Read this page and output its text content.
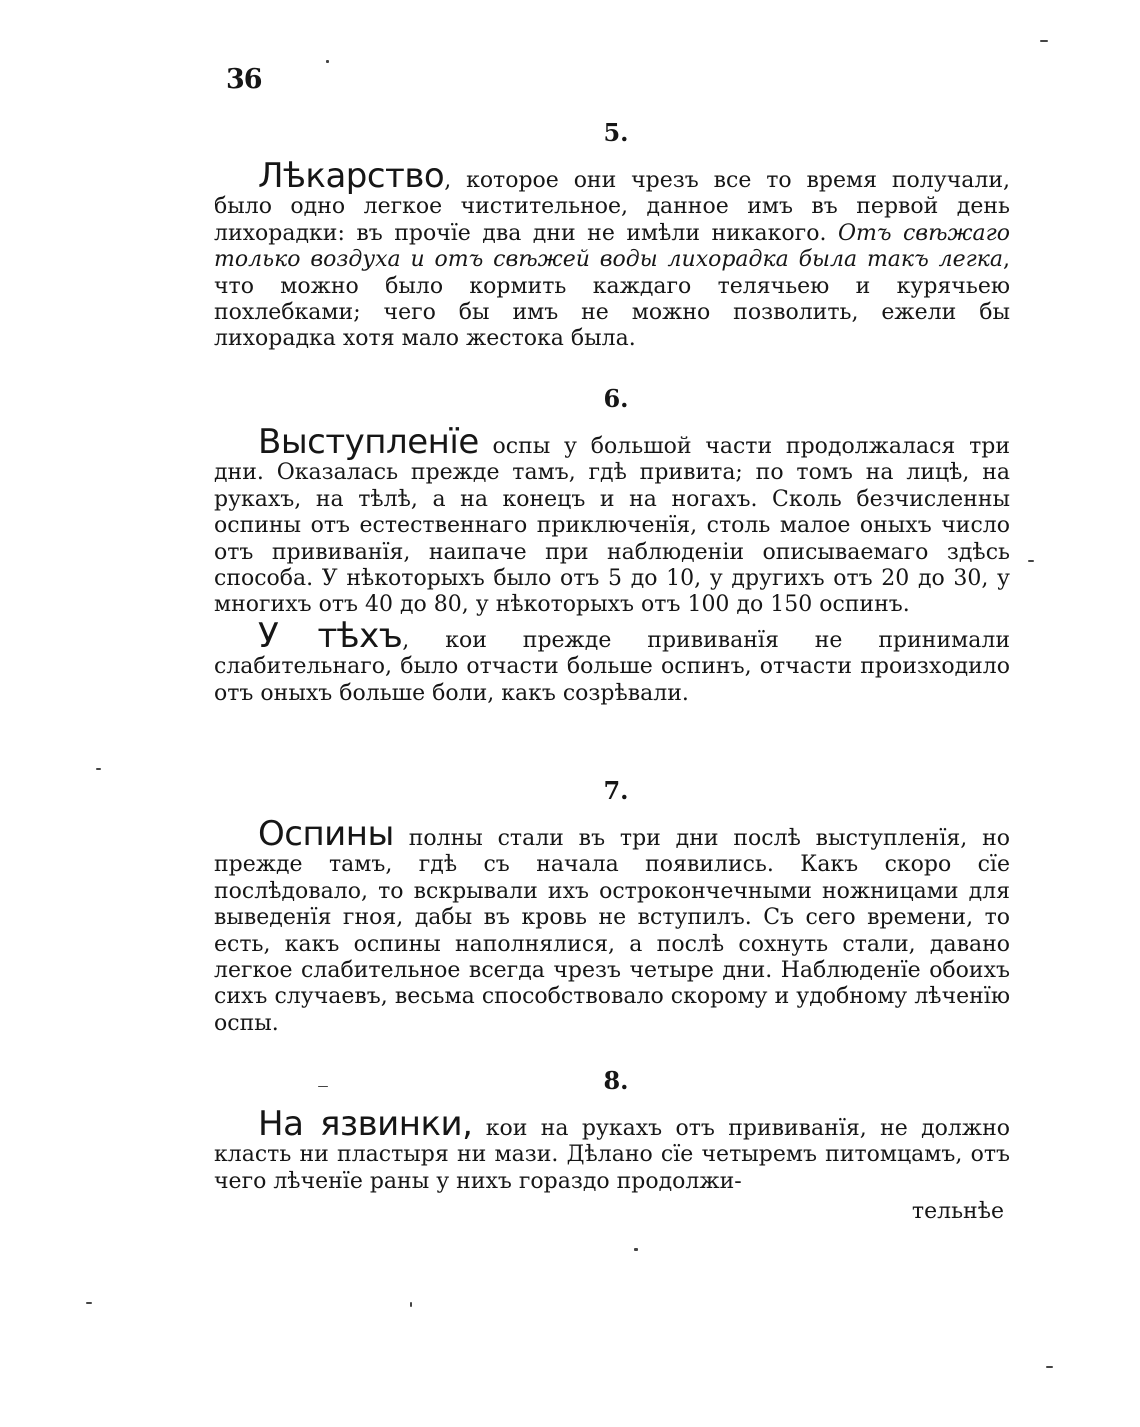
36
5.

Лѣкарство, которое они чрезъ все то время получали, было одно легкое чистительное, данное имъ въ первой день лихорадки: въ прочїе два дни не имѣли никакого. Отъ свѣжаго только воздуха и отъ свѣжей воды лихорадка была такъ легка, что можно было кормить каждаго телячьею и курячьею похлебками; чего бы имъ не можно позволить, ежели бы лихорадка хотя мало жестока была.

6.

Выступленїе оспы у большой части продолжалася три дни. Оказалась прежде тамъ, гдѣ привита; по томъ на лицѣ, на рукахъ, на тѣлѣ, а на конецъ и на ногахъ. Сколь безчисленны оспины отъ естественнаго приключенїя, столь малое оныхъ число отъ прививанїя, наипаче при наблюденiи описываемаго здѣсь способа. У нѣкоторыхъ было отъ 5 до 10, у другихъ отъ 20 до 30, у многихъ отъ 40 до 80, у нѣкоторыхъ отъ 100 до 150 оспинъ.

У тѣхъ, кои прежде прививанїя не принимали слабительнаго, было отчасти больше оспинъ, отчасти произходило отъ оныхъ больше боли, какъ созрѣвали.

7.

Оспины полны стали въ три дни послѣ выступленїя, но прежде тамъ, гдѣ съ начала появились. Какъ скоро сїе послѣдовало, то вскрывали ихъ острокончечными ножницами для выведенїя гноя, дабы въ кровь не вступилъ. Съ сего времени, то есть, какъ оспины наполнялися, а послѣ сохнуть стали, давано легкое слабительное всегда чрезъ четыре дни. Наблюденїе обоихъ сихъ случаевъ, весьма способствовало скорому и удобному лѣченїю оспы.

8.

На язвинки, кои на рукахъ отъ прививанїя, не должно класть ни пластыря ни мази. Дѣлано сїе четыремъ питомцамъ, отъ чего лѣченїе раны у нихъ гораздо продолжи-

тельнѣе
